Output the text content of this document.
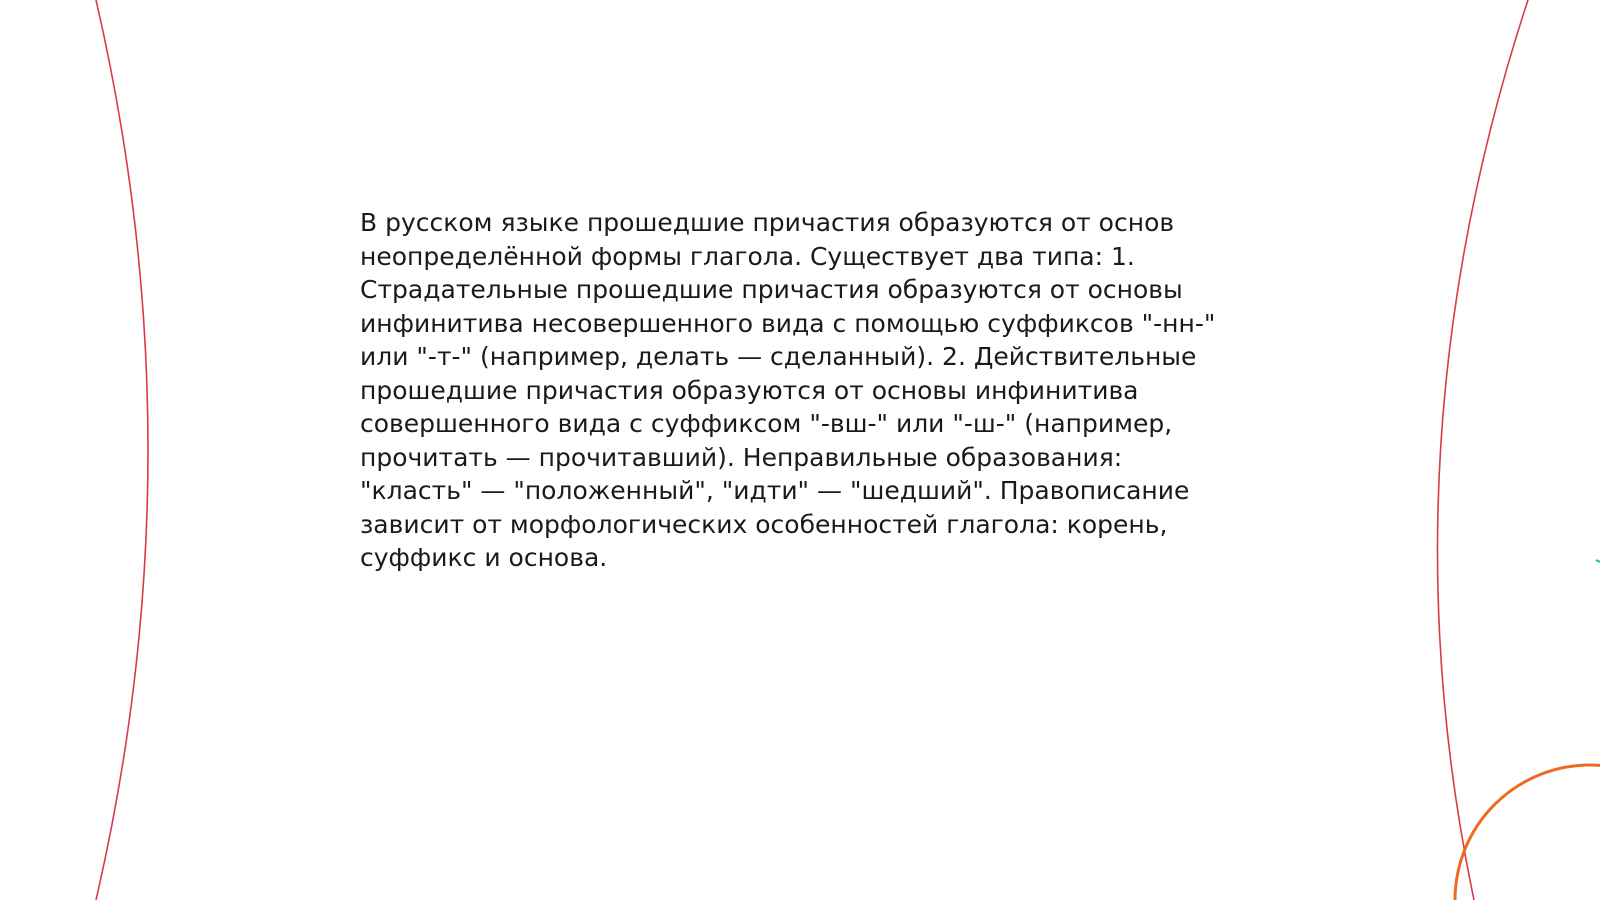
В русском языке прошедшие причастия образуются от основ неопределённой формы глагола. Существует два типа: 1. Страдательные прошедшие причастия образуются от основы инфинитива несовершенного вида с помощью суффиксов "-нн-" или "-т-" (например, делать — сделанный). 2. Действительные прошедшие причастия образуются от основы инфинитива совершенного вида с суффиксом "-вш-" или "-ш-" (например, прочитать — прочитавший). Неправильные образования: "класть" — "положенный", "идти" — "шедший". Правописание зависит от морфологических особенностей глагола: корень, суффикс и основа.
